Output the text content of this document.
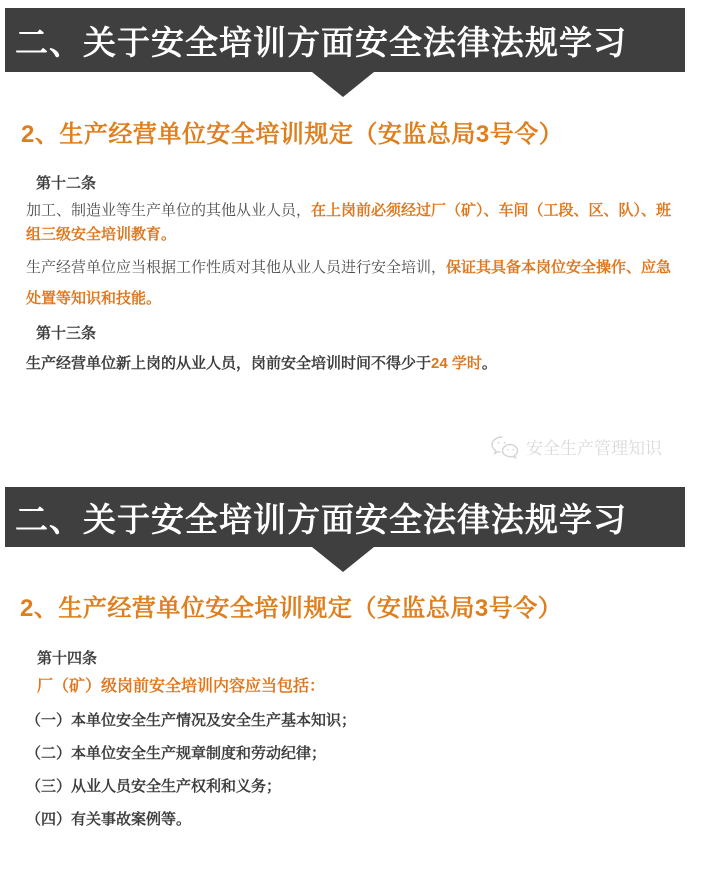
二、关于安全培训方面安全法律法规学习
2、生产经营单位安全培训规定（安监总局3号令）
第十二条

加工、制造业等生产单位的其他从业人员，在上岗前必须经过厂（矿）、车间（工段、区、队）、班组三级安全培训教育。

生产经营单位应当根据工作性质对其他从业人员进行安全培训，保证其具备本岗位安全操作、应急处置等知识和技能。

第十三条

生产经营单位新上岗的从业人员，岗前安全培训时间不得少于24 学时。

安全生产管理知识
二、关于安全培训方面安全法律法规学习
2、生产经营单位安全培训规定（安监总局3号令）
第十四条
厂（矿）级岗前安全培训内容应当包括：
（一）本单位安全生产情况及安全生产基本知识；
（二）本单位安全生产规章制度和劳动纪律；
（三）从业人员安全生产权利和义务；
（四）有关事故案例等。
